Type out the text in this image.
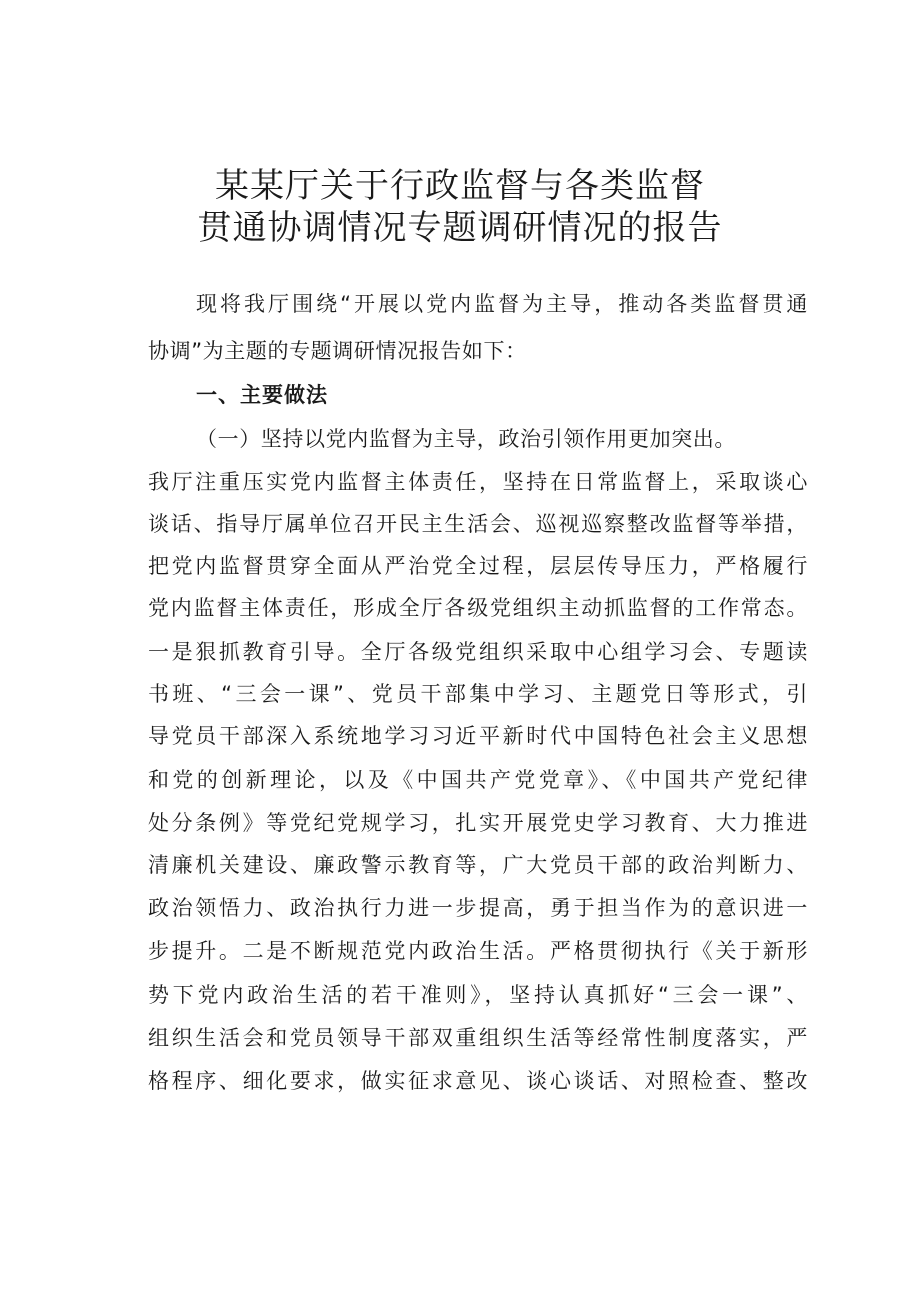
某某厅关于行政监督与各类监督
贯通协调情况专题调研情况的报告
现将我厅围绕“开展以党内监督为主导，推动各类监督贯通
协调”为主题的专题调研情况报告如下：
一、主要做法
（一）坚持以党内监督为主导，政治引领作用更加突出。
我厅注重压实党内监督主体责任，坚持在日常监督上，采取谈心
谈话、指导厅属单位召开民主生活会、巡视巡察整改监督等举措，
把党内监督贯穿全面从严治党全过程，层层传导压力，严格履行
党内监督主体责任，形成全厅各级党组织主动抓监督的工作常态。
一是狠抓教育引导。全厅各级党组织采取中心组学习会、专题读
书班、“三会一课”、党员干部集中学习、主题党日等形式，引
导党员干部深入系统地学习习近平新时代中国特色社会主义思想
和党的创新理论，以及《中国共产党党章》、《中国共产党纪律
处分条例》等党纪党规学习，扎实开展党史学习教育、大力推进
清廉机关建设、廉政警示教育等，广大党员干部的政治判断力、
政治领悟力、政治执行力进一步提高，勇于担当作为的意识进一
步提升。二是不断规范党内政治生活。严格贯彻执行《关于新形
势下党内政治生活的若干准则》，坚持认真抓好“三会一课”、
组织生活会和党员领导干部双重组织生活等经常性制度落实，严
格程序、细化要求，做实征求意见、谈心谈话、对照检查、整改
